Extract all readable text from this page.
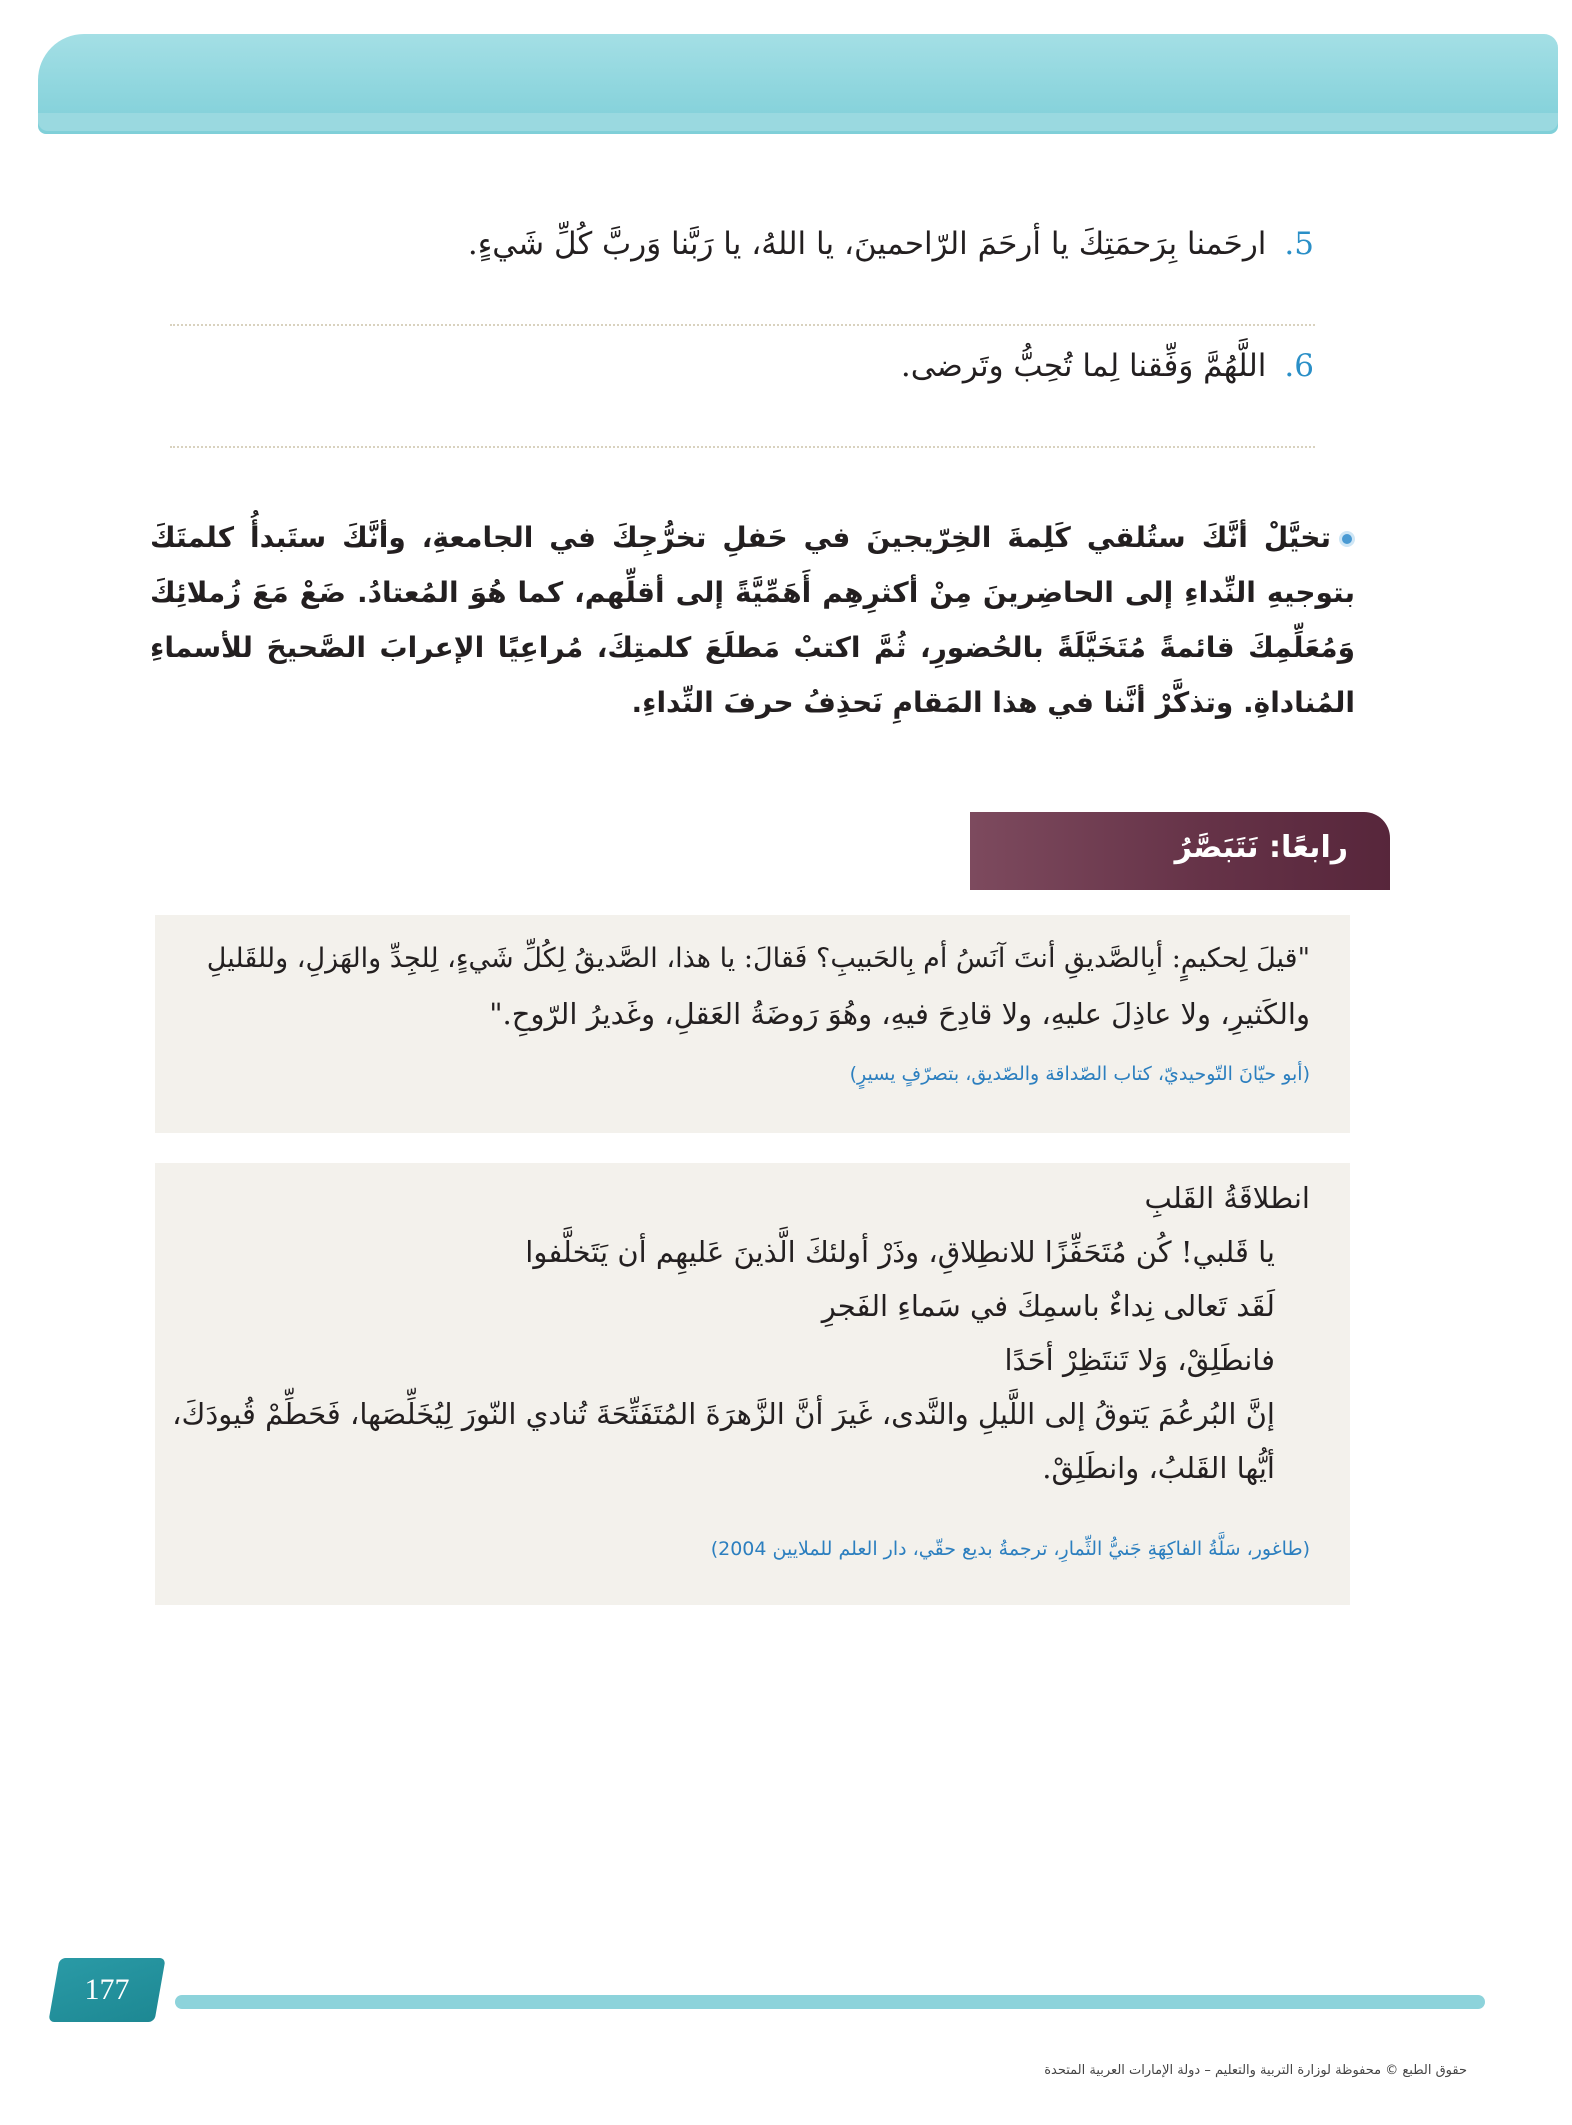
5.ارحَمنا بِرَحمَتِكَ يا أرحَمَ الرّاحمينَ، يا اللهُ، يا رَبَّنا وَربَّ كُلِّ شَيءٍ.
6.اللَّهُمَّ وَفِّقنا لِما تُحِبُّ وتَرضى.
تخيَّلْ أنَّكَ ستُلقي كَلِمةَ الخِرّيجينَ في حَفلِ تخرُّجِكَ في الجامعةِ، وأنَّكَ ستَبدأُ كلمتَكَ بتوجيهِ النِّداءِ إلى الحاضِرينَ مِنْ أكثرِهِم أَهَمِّيَّةً إلى أقلِّهم، كما هُوَ المُعتادُ. ضَعْ مَعَ زُملائِكَ وَمُعَلِّمِكَ قائمةً مُتَخَيَّلَةً بالحُضورِ، ثُمَّ اكتبْ مَطلَعَ كلمتِكَ، مُراعِيًا الإعرابَ الصَّحيحَ للأسماءِ المُناداةِ. وتذكَّرْ أنَّنا في هذا المَقامِ نَحذِفُ حرفَ النِّداءِ.
رابعًا: نَتَبَصَّرُ
"قيلَ لِحكيمٍ: أبِالصَّديقِ أنتَ آنَسُ أم بِالحَبيبِ؟ فَقالَ: يا هذا، الصَّديقُ لِكُلِّ شَيءٍ، لِلجِدِّ والهَزلِ، وللقَليلِ
والكَثيرِ، ولا عاذِلَ عليهِ، ولا قادِحَ فيهِ، وهُوَ رَوضَةُ العَقلِ، وغَديرُ الرّوحِ."
(أبو حيّانَ التّوحيديّ، كتاب الصّداقة والصّديق، بتصرّفٍ يسيرٍ)
انطلاقَةُ القَلبِ
يا قَلبي! كُن مُتَحَفِّزًا للانطِلاقِ، وذَرْ أولئكَ الَّذينَ عَليهِم أن يَتَخلَّفوا
لَقَد تَعالى نِداءٌ باسمِكَ في سَماءِ الفَجرِ
فانطَلِقْ، وَلا تَنتَظِرْ أحَدًا
إنَّ البُرعُمَ يَتوقُ إلى اللَّيلِ والنَّدى، غَيرَ أنَّ الزَّهرَةَ المُتَفَتِّحَةَ تُنادي النّورَ لِيُخَلِّصَها، فَحَطِّمْ قُيودَكَ،
أيُّها القَلبُ، وانطَلِقْ.
(طاغور، سَلَّةُ الفاكِهَةِ جَنيُّ الثِّمارِ، ترجمةُ بديع حقّي، دار العلم للملايين 2004)
177
حقوق الطبع © محفوظة لوزارة التربية والتعليم – دولة الإمارات العربية المتحدة
